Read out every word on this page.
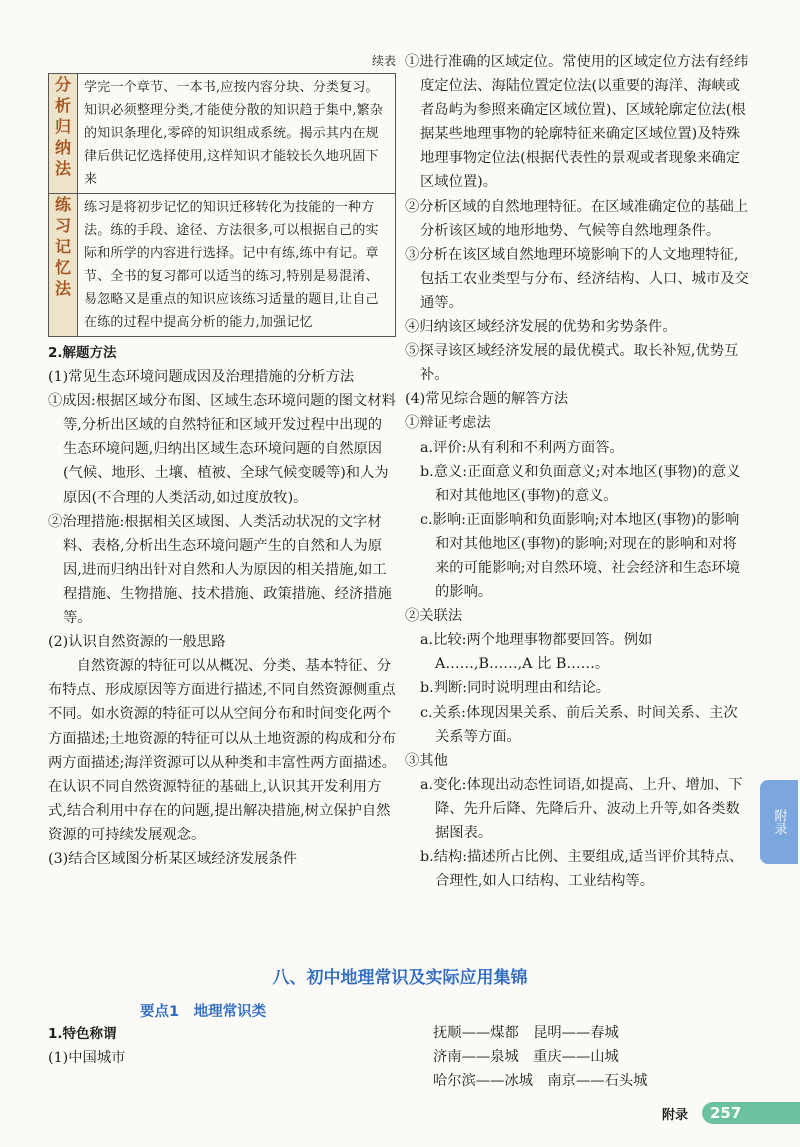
续表
分
析
归
纳
法	学完一个章节、一本书,应按内容分块、分类复习。知识必须整理分类,才能使分散的知识趋于集中,繁杂的知识条理化,零碎的知识组成系统。揭示其内在规律后供记忆选择使用,这样知识才能较长久地巩固下来

练
习
记
忆
法	练习是将初步记忆的知识迁移转化为技能的一种方法。练的手段、途径、方法很多,可以根据自己的实际和所学的内容进行选择。记中有练,练中有记。章节、全书的复习都可以适当的练习,特别是易混淆、易忽略又是重点的知识应该练习适量的题目,让自己在练的过程中提高分析的能力,加强记忆

2.解题方法

(1)常见生态环境问题成因及治理措施的分析方法

①成因:根据区域分布图、区域生态环境问题的图文材料等,分析出区域的自然特征和区域开发过程中出现的生态环境问题,归纳出区域生态环境问题的自然原因(气候、地形、土壤、植被、全球气候变暖等)和人为原因(不合理的人类活动,如过度放牧)。

②治理措施:根据相关区域图、人类活动状况的文字材料、表格,分析出生态环境问题产生的自然和人为原因,进而归纳出针对自然和人为原因的相关措施,如工程措施、生物措施、技术措施、政策措施、经济措施等。

(2)认识自然资源的一般思路

自然资源的特征可以从概况、分类、基本特征、分布特点、形成原因等方面进行描述,不同自然资源侧重点不同。如水资源的特征可以从空间分布和时间变化两个方面描述;土地资源的特征可以从土地资源的构成和分布两方面描述;海洋资源可以从种类和丰富性两方面描述。在认识不同自然资源特征的基础上,认识其开发利用方式,结合利用中存在的问题,提出解决措施,树立保护自然资源的可持续发展观念。

(3)结合区域图分析某区域经济发展条件

①进行准确的区域定位。常使用的区域定位方法有经纬度定位法、海陆位置定位法(以重要的海洋、海峡或者岛屿为参照来确定区域位置)、区域轮廓定位法(根据某些地理事物的轮廓特征来确定区域位置)及特殊地理事物定位法(根据代表性的景观或者现象来确定区域位置)。

②分析区域的自然地理特征。在区域准确定位的基础上分析该区域的地形地势、气候等自然地理条件。

③分析在该区域自然地理环境影响下的人文地理特征,包括工农业类型与分布、经济结构、人口、城市及交通等。

④归纳该区域经济发展的优势和劣势条件。

⑤探寻该区域经济发展的最优模式。取长补短,优势互补。

(4)常见综合题的解答方法

①辩证考虑法

a.评价:从有利和不利两方面答。

b.意义:正面意义和负面意义;对本地区(事物)的意义和对其他地区(事物)的意义。

c.影响:正面影响和负面影响;对本地区(事物)的影响和对其他地区(事物)的影响;对现在的影响和对将来的可能影响;对自然环境、社会经济和生态环境的影响。

②关联法

a.比较:两个地理事物都要回答。例如 A……,B……,A 比 B……。

b.判断:同时说明理由和结论。

c.关系:体现因果关系、前后关系、时间关系、主次关系等方面。

③其他

a.变化:体现出动态性词语,如提高、上升、增加、下降、先升后降、先降后升、波动上升等,如各类数据图表。

b.结构:描述所占比例、主要组成,适当评价其特点、合理性,如人口结构、工业结构等。

八、初中地理常识及实际应用集锦
要点1　地理常识类

1.特色称谓

(1)中国城市

抚顺——煤都　昆明——春城

济南——泉城　重庆——山城

哈尔滨——冰城　南京——石头城

附录
附录	257
